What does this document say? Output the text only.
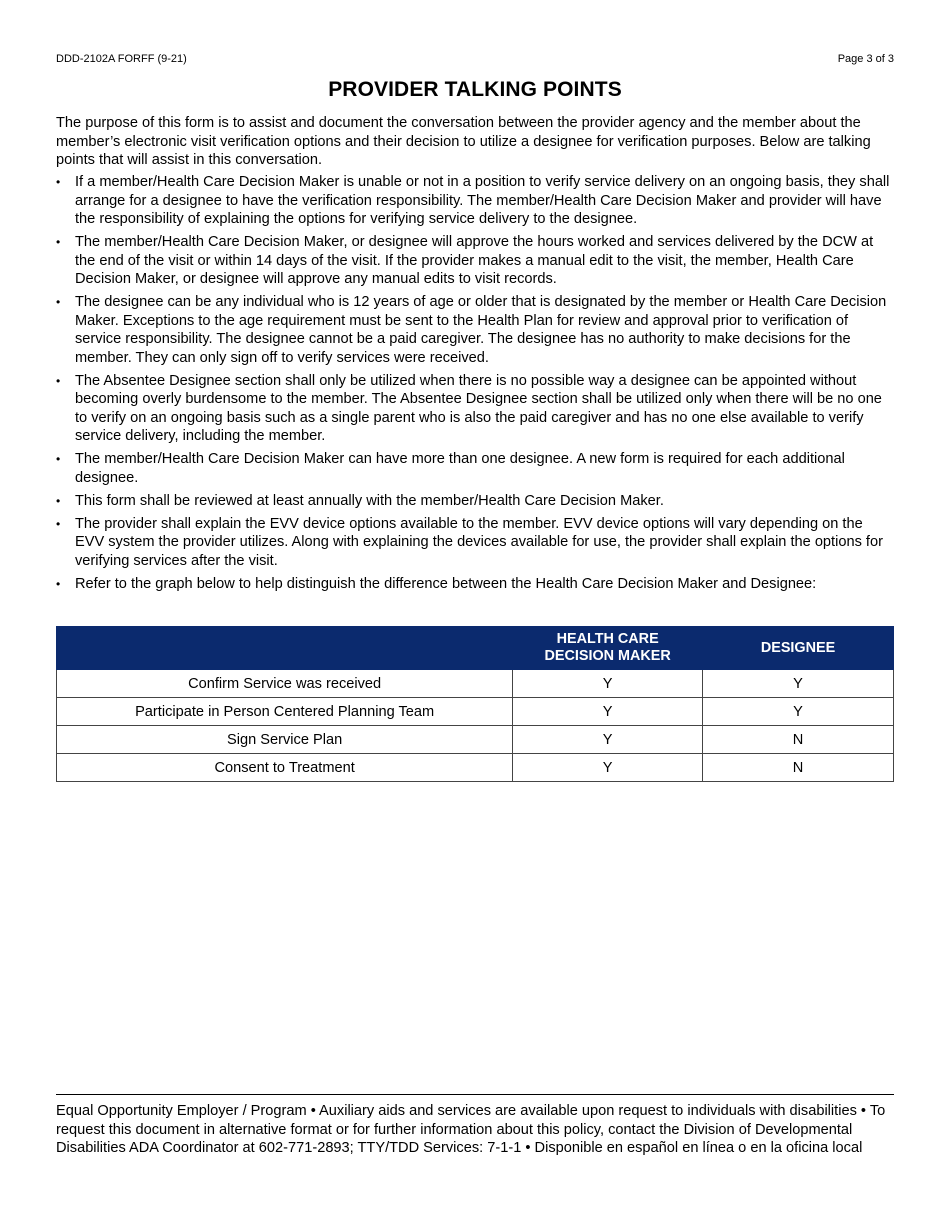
DDD-2102A FORFF (9-21)	Page 3 of 3
PROVIDER TALKING POINTS
The purpose of this form is to assist and document the conversation between the provider agency and the member about the member’s electronic visit verification options and their decision to utilize a designee for verification purposes. Below are talking points that will assist in this conversation.
• If a member/Health Care Decision Maker is unable or not in a position to verify service delivery on an ongoing basis, they shall arrange for a designee to have the verification responsibility. The member/Health Care Decision Maker and provider will have the responsibility of explaining the options for verifying service delivery to the designee.
• The member/Health Care Decision Maker, or designee will approve the hours worked and services delivered by the DCW at the end of the visit or within 14 days of the visit. If the provider makes a manual edit to the visit, the member, Health Care Decision Maker, or designee will approve any manual edits to visit records.
• The designee can be any individual who is 12 years of age or older that is designated by the member or Health Care Decision Maker. Exceptions to the age requirement must be sent to the Health Plan for review and approval prior to verification of service responsibility. The designee cannot be a paid caregiver. The designee has no authority to make decisions for the member. They can only sign off to verify services were received.
• The Absentee Designee section shall only be utilized when there is no possible way a designee can be appointed without becoming overly burdensome to the member. The Absentee Designee section shall be utilized only when there will be no one to verify on an ongoing basis such as a single parent who is also the paid caregiver and has no one else available to verify service delivery, including the member.
• The member/Health Care Decision Maker can have more than one designee. A new form is required for each additional designee.
• This form shall be reviewed at least annually with the member/Health Care Decision Maker.
• The provider shall explain the EVV device options available to the member. EVV device options will vary depending on the EVV system the provider utilizes. Along with explaining the devices available for use, the provider shall explain the options for verifying services after the visit.
• Refer to the graph below to help distinguish the difference between the Health Care Decision Maker and Designee:
	HEALTH CARE
DECISION MAKER	DESIGNEE
Confirm Service was received	Y	Y
Participate in Person Centered Planning Team	Y	Y
Sign Service Plan	Y	N
Consent to Treatment	Y	N
Equal Opportunity Employer / Program • Auxiliary aids and services are available upon request to individuals with disabilities • To request this document in alternative format or for further information about this policy, contact the Division of Developmental Disabilities ADA Coordinator at 602-771-2893; TTY/TDD Services: 7-1-1 • Disponible en español en línea o en la oficina local
